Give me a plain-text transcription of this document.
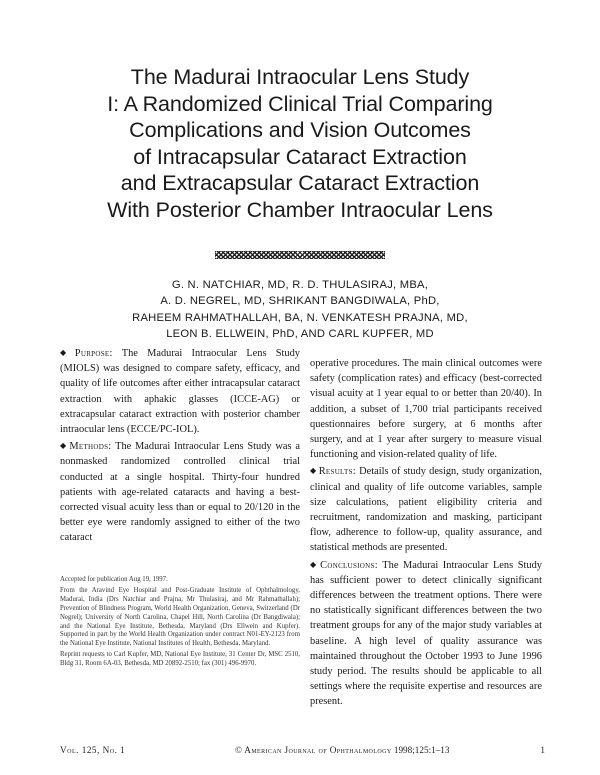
The Madurai Intraocular Lens Study
I: A Randomized Clinical Trial Comparing
Complications and Vision Outcomes
of Intracapsular Cataract Extraction
and Extracapsular Cataract Extraction
With Posterior Chamber Intraocular Lens
G. N. NATCHIAR, MD, R. D. THULASIRAJ, MBA,
A. D. NEGREL, MD, SHRIKANT BANGDIWALA, PhD,
RAHEEM RAHMATHALLAH, BA, N. VENKATESH PRAJNA, MD,
LEON B. ELLWEIN, PhD, AND CARL KUPFER, MD

◆ Purpose: The Madurai Intraocular Lens Study (MIOLS) was designed to compare safety, efficacy, and quality of life outcomes after either intracapsular cataract extraction with aphakic glasses (ICCE-AG) or extracapsular cataract extraction with posterior chamber intraocular lens (ECCE/PC-IOL).

◆ Methods: The Madurai Intraocular Lens Study was a nonmasked randomized controlled clinical trial conducted at a single hospital. Thirty-four hundred patients with age-related cataracts and having a best-corrected visual acuity less than or equal to 20/120 in the better eye were randomly assigned to either of the two cataract

Accepted for publication Aug 19, 1997.

From the Aravind Eye Hospital and Post-Graduate Institute of Ophthalmology, Madurai, India (Drs Natchiar and Prajna, Mr Thulasiraj, and Mr Rahmathallah); Prevention of Blindness Program, World Health Organization, Geneva, Switzerland (Dr Negrel); University of North Carolina, Chapel Hill, North Carolina (Dr Bangdiwala); and the National Eye Institute, Bethesda, Maryland (Drs Ellwein and Kupfer). Supported in part by the World Health Organization under contract N01-EY-2123 from the National Eye Institute, National Institutes of Health, Bethesda, Maryland.

Reprint requests to Carl Kupfer, MD, National Eye Institute, 31 Center Dr, MSC 2510, Bldg 31, Room 6A-03, Bethesda, MD 20892-2510; fax (301) 496-9970.

operative procedures. The main clinical outcomes were safety (complication rates) and efficacy (best-corrected visual acuity at 1 year equal to or better than 20/40). In addition, a subset of 1,700 trial participants received questionnaires before surgery, at 6 months after surgery, and at 1 year after surgery to measure visual functioning and vision-related quality of life.

◆ Results: Details of study design, study organization, clinical and quality of life outcome variables, sample size calculations, patient eligibility criteria and recruitment, randomization and masking, participant flow, adherence to follow-up, quality assurance, and statistical methods are presented.

◆ Conclusions: The Madurai Intraocular Lens Study has sufficient power to detect clinically significant differences between the treatment options. There were no statistically significant differences between the two treatment groups for any of the major study variables at baseline. A high level of quality assurance was maintained throughout the October 1993 to June 1996 study period. The results should be applicable to all settings where the requisite expertise and resources are present.

Vol. 125, No. 1	© American Journal of Ophthalmology 1998;125:1–13	1
